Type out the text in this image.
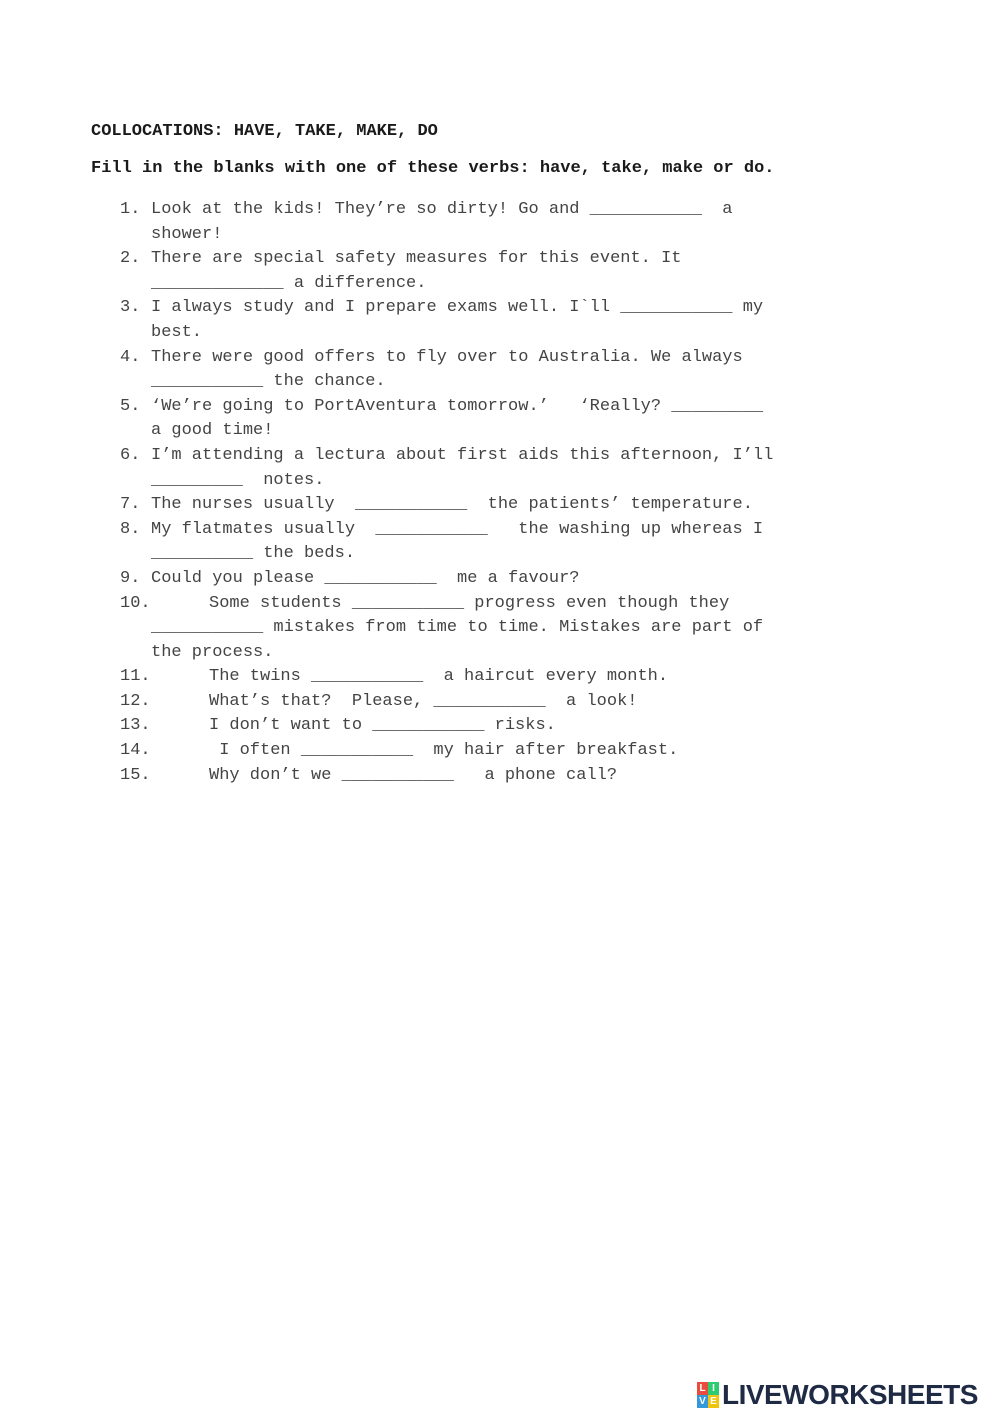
COLLOCATIONS: HAVE, TAKE, MAKE, DO
Fill in the blanks with one of these verbs: have, take, make or do.
1. Look at the kids! They’re so dirty! Go and ___________  a
shower!
2. There are special safety measures for this event. It
_____________ a difference.
3. I always study and I prepare exams well. I`ll ___________ my
best.
4. There were good offers to fly over to Australia. We always
___________ the chance.
5. ‘We’re going to PortAventura tomorrow.’   ‘Really? _________
a good time!
6. I’m attending a lectura about first aids this afternoon, I’ll
_________  notes.
7. The nurses usually  ___________  the patients’ temperature.
8. My flatmates usually  ___________   the washing up whereas I
__________ the beds.
9. Could you please ___________  me a favour?
10.	Some students ___________ progress even though they
___________ mistakes from time to time. Mistakes are part of
the process.
11.	The twins ___________  a haircut every month.
12.	What’s that?  Please, ___________  a look!
13.	I don’t want to ___________ risks.
14.	I often ___________  my hair after breakfast.
15.	Why don’t we ___________   a phone call?
L I
V E LIVEWORKSHEETS
